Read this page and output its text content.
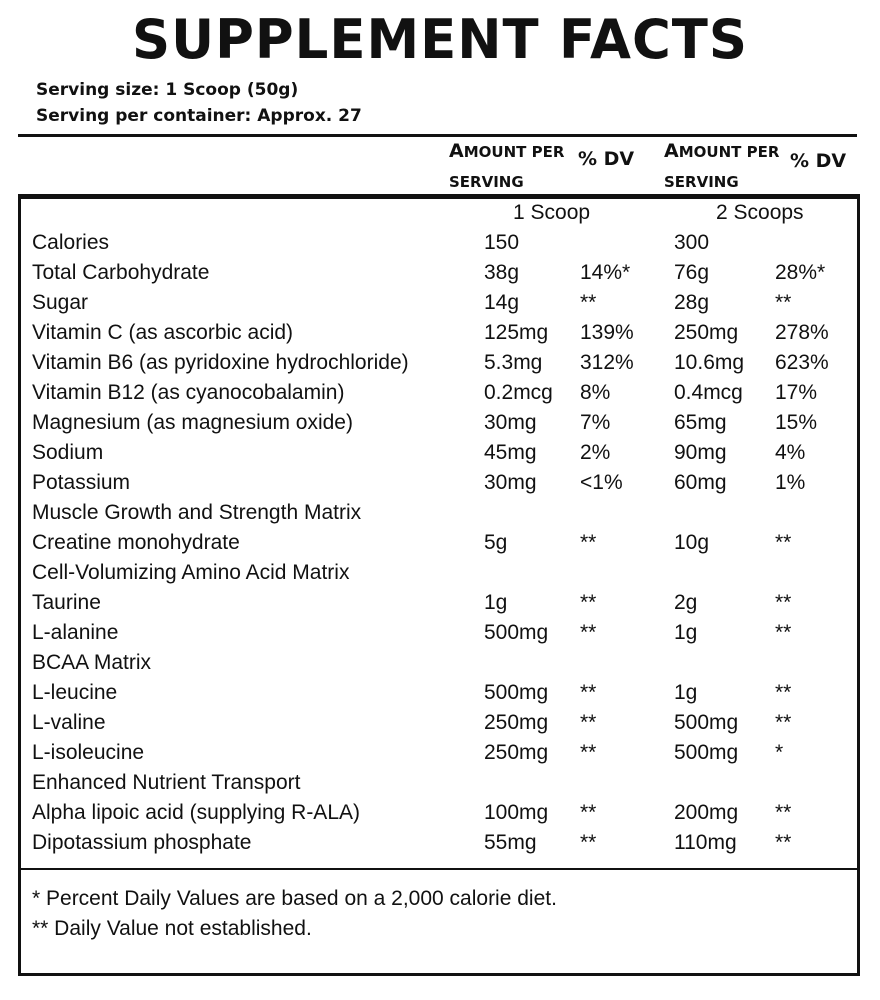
SUPPLEMENT FACTS
Serving size: 1 Scoop (50g)
Serving per container: Approx. 27
AMOUNT PER
SERVING
% DV AMOUNT PER
SERVING
% DV
1 Scoop	2 Scoops
Calories	150	300
Total Carbohydrate	38g	14%* 76g	28%*
Sugar	14g	**	28g	**
Vitamin C (as ascorbic acid)	125mg 139% 250mg 278%
Vitamin B6 (as pyridoxine hydrochloride)	5.3mg 312% 10.6mg 623%
Vitamin B12 (as cyanocobalamin)	0.2mcg 8%	0.4mcg 17%
Magnesium (as magnesium oxide)	30mg 7%	65mg 15%
Sodium	45mg 2%	90mg 4%
Potassium	30mg <1% 60mg 1%
Muscle Growth and Strength Matrix
Creatine monohydrate	5g	**	10g	**
Cell-Volumizing Amino Acid Matrix
Taurine	1g	**	2g	**
L-alanine	500mg **	1g	**
BCAA Matrix
L-leucine	500mg **	1g	**
L-valine	250mg **	500mg **
L-isoleucine	250mg **	500mg *
Enhanced Nutrient Transport
Alpha lipoic acid (supplying R-ALA)	100mg **	200mg **
Dipotassium phosphate	55mg **	110mg **
* Percent Daily Values are based on a 2,000 calorie diet.
** Daily Value not established.
